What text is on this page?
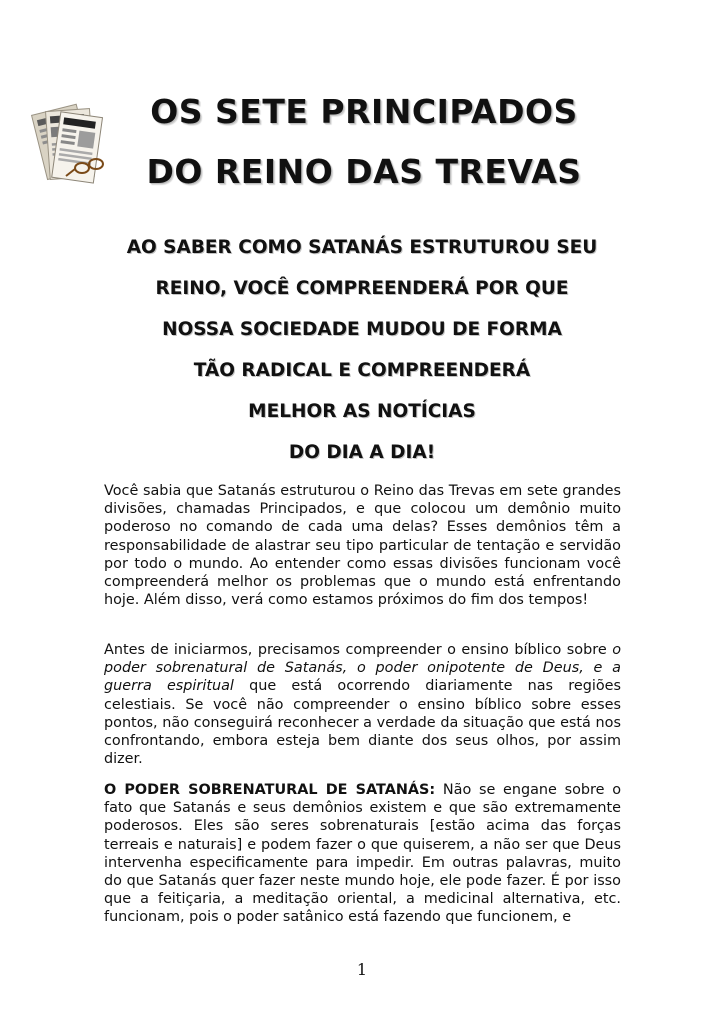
OS SETE PRINCIPADOS
DO REINO DAS TREVAS

AO SABER COMO SATANÁS ESTRUTUROU SEU

REINO, VOCÊ COMPREENDERÁ POR QUE

NOSSA SOCIEDADE MUDOU DE FORMA

TÃO RADICAL E COMPREENDERÁ

MELHOR AS NOTÍCIAS

DO DIA A DIA!

Você sabia que Satanás estruturou o Reino das Trevas em sete grandes divisões, chamadas Principados, e que colocou um demônio muito poderoso no comando de cada uma delas? Esses demônios têm a responsabilidade de alastrar seu tipo particular de tentação e servidão por todo o mundo. Ao entender como essas divisões funcionam você compreenderá melhor os problemas que o mundo está enfrentando hoje. Além disso, verá como estamos próximos do fim dos tempos!

Antes de iniciarmos, precisamos compreender o ensino bíblico sobre o poder sobrenatural de Satanás, o poder onipotente de Deus, e a guerra espiritual que está ocorrendo diariamente nas regiões celestiais. Se você não compreender o ensino bíblico sobre esses pontos, não conseguirá reconhecer a verdade da situação que está nos confrontando, embora esteja bem diante dos seus olhos, por assim dizer.

O PODER SOBRENATURAL DE SATANÁS: Não se engane sobre o fato que Satanás e seus demônios existem e que são extremamente poderosos. Eles são seres sobrenaturais [estão acima das forças terreais e naturais] e podem fazer o que quiserem, a não ser que Deus intervenha especificamente para impedir. Em outras palavras, muito do que Satanás quer fazer neste mundo hoje, ele pode fazer. É por isso que a feitiçaria, a meditação oriental, a medicinal alternativa, etc. funcionam, pois o poder satânico está fazendo que funcionem, e

1
